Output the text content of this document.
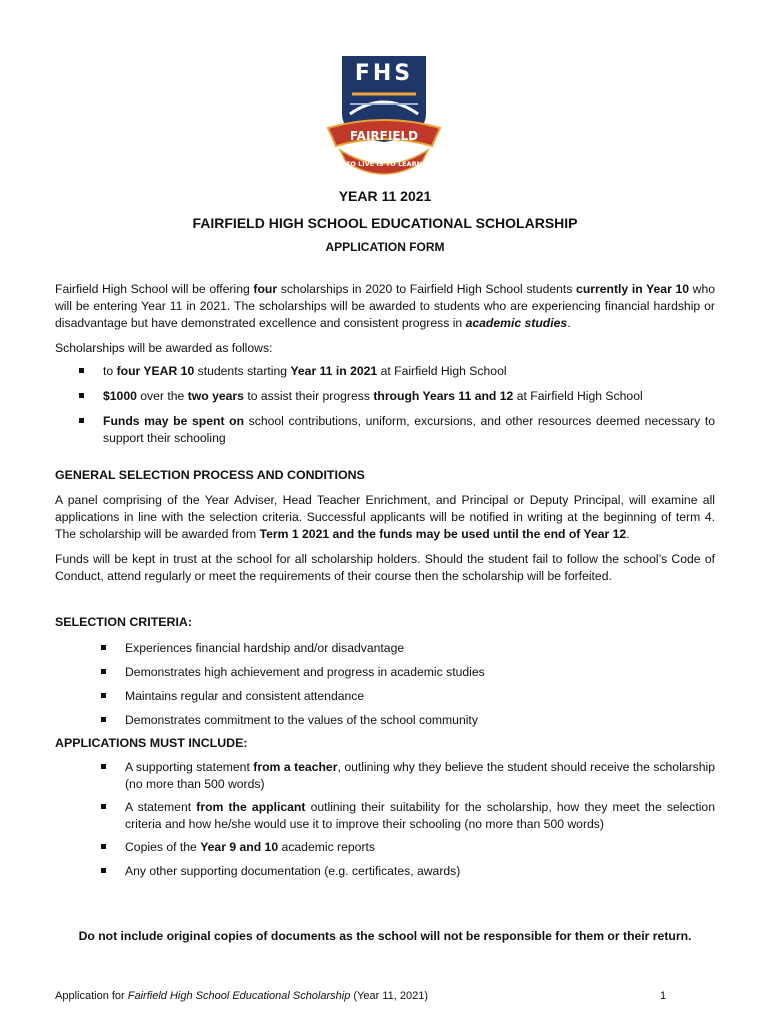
FHS
FAIRFIELD
TO LIVE IS TO LEARN

YEAR 11 2021

FAIRFIELD HIGH SCHOOL EDUCATIONAL SCHOLARSHIP

APPLICATION FORM

Fairfield High School will be offering four scholarships in 2020 to Fairfield High School students currently in Year 10 who will be entering Year 11 in 2021. The scholarships will be awarded to students who are experiencing financial hardship or disadvantage but have demonstrated excellence and consistent progress in academic studies.

Scholarships will be awarded as follows:

to four YEAR 10 students starting Year 11 in 2021 at Fairfield High School
$1000 over the two years to assist their progress through Years 11 and 12 at Fairfield High School
Funds may be spent on school contributions, uniform, excursions, and other resources deemed necessary to support their schooling

GENERAL SELECTION PROCESS AND CONDITIONS

A panel comprising of the Year Adviser, Head Teacher Enrichment, and Principal or Deputy Principal, will examine all applications in line with the selection criteria. Successful applicants will be notified in writing at the beginning of term 4. The scholarship will be awarded from Term 1 2021 and the funds may be used until the end of Year 12.

Funds will be kept in trust at the school for all scholarship holders. Should the student fail to follow the school’s Code of Conduct, attend regularly or meet the requirements of their course then the scholarship will be forfeited.

SELECTION CRITERIA:

Experiences financial hardship and/or disadvantage
Demonstrates high achievement and progress in academic studies
Maintains regular and consistent attendance
Demonstrates commitment to the values of the school community

APPLICATIONS MUST INCLUDE:

A supporting statement from a teacher, outlining why they believe the student should receive the scholarship (no more than 500 words)
A statement from the applicant outlining their suitability for the scholarship, how they meet the selection criteria and how he/she would use it to improve their schooling (no more than 500 words)
Copies of the Year 9 and 10 academic reports
Any other supporting documentation (e.g. certificates, awards)

Do not include original copies of documents as the school will not be responsible for them or their return.

Application for Fairfield High School Educational Scholarship (Year 11, 2021)	1
